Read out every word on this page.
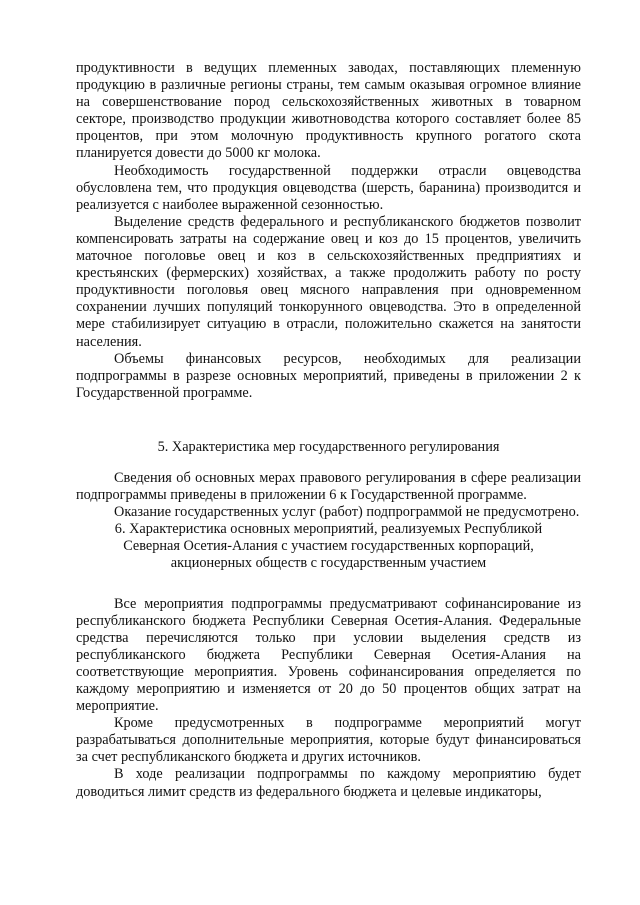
продуктивности в ведущих племенных заводах, поставляющих племенную продукцию в различные регионы страны, тем самым оказывая огромное влияние на совершенствование пород сельскохозяйственных животных в товарном секторе, производство продукции животноводства которого составляет более 85 процентов, при этом молочную продуктивность крупного рогатого скота планируется довести до 5000 кг молока.

Необходимость государственной поддержки отрасли овцеводства обусловлена тем, что продукция овцеводства (шерсть, баранина) производится и реализуется с наиболее выраженной сезонностью.

Выделение средств федерального и республиканского бюджетов позволит компенсировать затраты на содержание овец и коз до 15 процентов, увеличить маточное поголовье овец и коз в сельскохозяйственных предприятиях и крестьянских (фермерских) хозяйствах, а также продолжить работу по росту продуктивности поголовья овец мясного направления при одновременном сохранении лучших популяций тонкорунного овцеводства. Это в определенной мере стабилизирует ситуацию в отрасли, положительно скажется на занятости населения.

Объемы финансовых ресурсов, необходимых для реализации подпрограммы в разрезе основных мероприятий, приведены в приложении 2 к Государственной программе.

5. Характеристика мер государственного регулирования

Сведения об основных мерах правового регулирования в сфере реализации подпрограммы приведены в приложении 6 к Государственной программе.

Оказание государственных услуг (работ) подпрограммой не предусмотрено.

6. Характеристика основных мероприятий, реализуемых Республикой
Северная Осетия-Алания с участием государственных корпораций,
акционерных обществ с государственным участием

Все мероприятия подпрограммы предусматривают софинансирование из республиканского бюджета Республики Северная Осетия-Алания. Федеральные средства перечисляются только при условии выделения средств из республиканского бюджета Республики Северная Осетия-Алания на соответствующие мероприятия. Уровень софинансирования определяется по каждому мероприятию и изменяется от 20 до 50 процентов общих затрат на мероприятие.

Кроме предусмотренных в подпрограмме мероприятий могут разрабатываться дополнительные мероприятия, которые будут финансироваться за счет республиканского бюджета и других источников.

В ходе реализации подпрограммы по каждому мероприятию будет доводиться лимит средств из федерального бюджета и целевые индикаторы,
